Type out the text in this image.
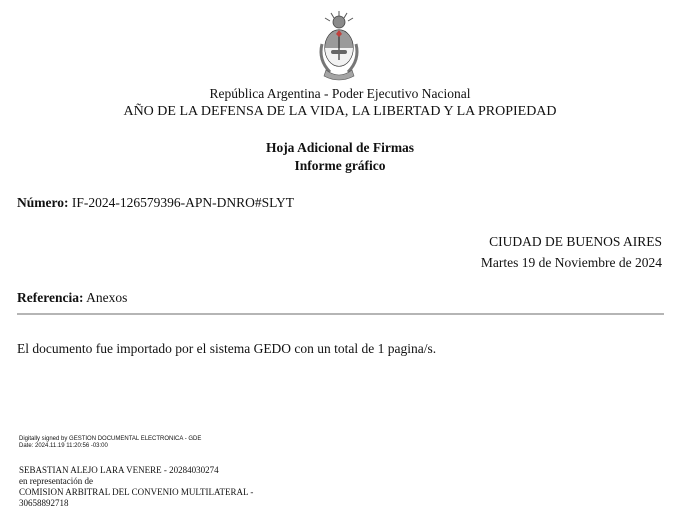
República Argentina - Poder Ejecutivo Nacional
AÑO DE LA DEFENSA DE LA VIDA, LA LIBERTAD Y LA PROPIEDAD
Hoja Adicional de Firmas
Informe gráfico
Número: IF-2024-126579396-APN-DNRO#SLYT
CIUDAD DE BUENOS AIRES
Martes 19 de Noviembre de 2024
Referencia: Anexos
El documento fue importado por el sistema GEDO con un total de 1 pagina/s.
Digitally signed by GESTION DOCUMENTAL ELECTRONICA - GDE
Date: 2024.11.19 11:20:56 -03:00
SEBASTIAN ALEJO LARA VENERE - 20284030274
en representación de
COMISION ARBITRAL DEL CONVENIO MULTILATERAL -
30658892718
